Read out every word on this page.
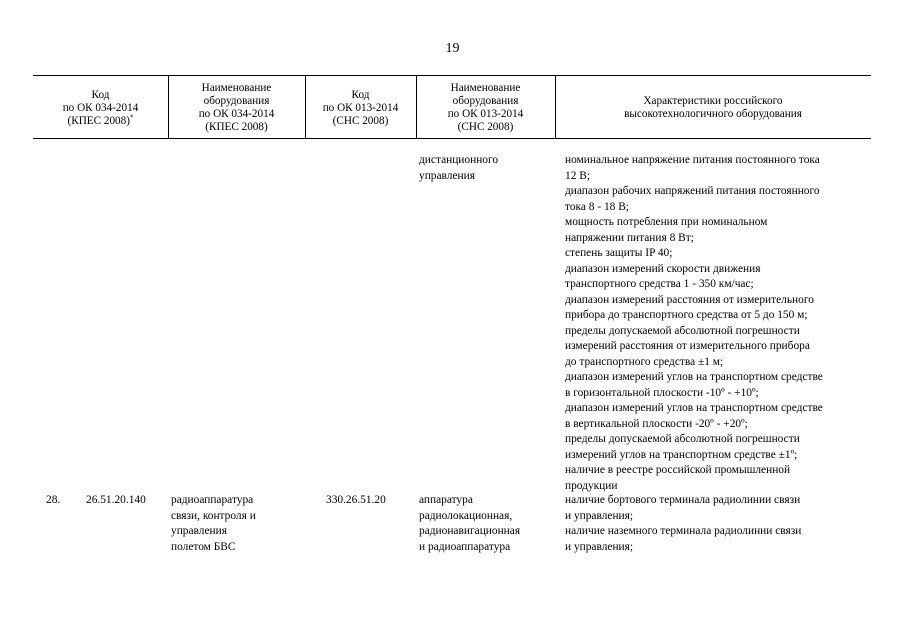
19
Код
по ОК 034-2014
(КПЕС 2008)*
Наименование
оборудования
по ОК 034-2014
(КПЕС 2008)
Код
по ОК 013-2014
(СНС 2008)
Наименование
оборудования
по ОК 013-2014
(СНС 2008)
Характеристики российского
высокотехнологичного оборудования
дистанционного
управления
номинальное напряжение питания постоянного тока
12 В;
диапазон рабочих напряжений питания постоянного
тока 8 - 18 В;
мощность потребления при номинальном
напряжении питания 8 Вт;
степень защиты IP 40;
диапазон измерений скорости движения
транспортного средства 1 - 350 км/час;
диапазон измерений расстояния от измерительного
прибора до транспортного средства от 5 до 150 м;
пределы допускаемой абсолютной погрешности
измерений расстояния от измерительного прибора
до транспортного средства ±1 м;
диапазон измерений углов на транспортном средстве
в горизонтальной плоскости -10º - +10º;
диапазон измерений углов на транспортном средстве
в вертикальной плоскости -20º - +20º;
пределы допускаемой абсолютной погрешности
измерений углов на транспортном средстве ±1º;
наличие в реестре российской промышленной
продукции
28. 26.51.20.140 радиоаппаратура
связи, контроля и
управления
полетом БВС
330.26.51.20	аппаратура
радиолокационная,
радионавигационная
и радиоаппаратура
наличие бортового терминала радиолинии связи
и управления;
наличие наземного терминала радиолинии связи
и управления;
